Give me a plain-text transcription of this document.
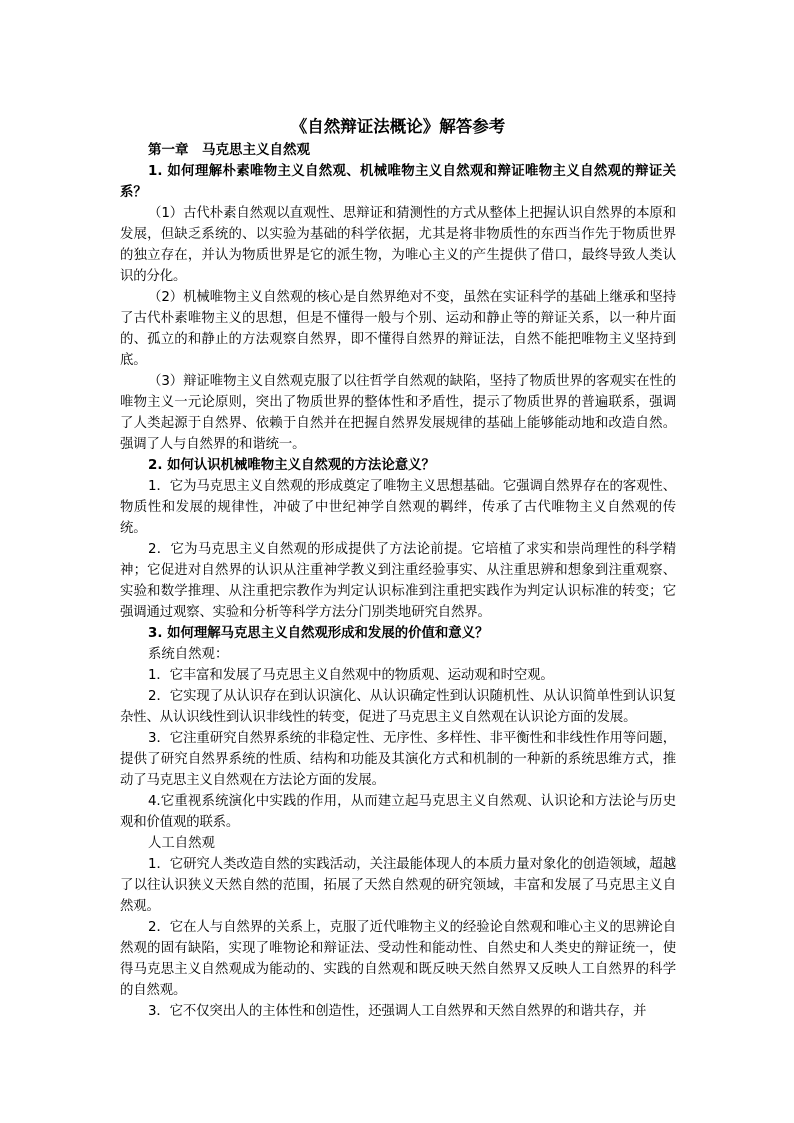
《自然辩证法概论》解答参考

第一章　马克思主义自然观

1. 如何理解朴素唯物主义自然观、机械唯物主义自然观和辩证唯物主义自然观的辩证关系？

（1）古代朴素自然观以直观性、思辩证和猜测性的方式从整体上把握认识自然界的本原和发展，但缺乏系统的、以实验为基础的科学依据，尤其是将非物质性的东西当作先于物质世界的独立存在，并认为物质世界是它的派生物，为唯心主义的产生提供了借口，最终导致人类认识的分化。

（2）机械唯物主义自然观的核心是自然界绝对不变，虽然在实证科学的基础上继承和坚持了古代朴素唯物主义的思想，但是不懂得一般与个别、运动和静止等的辩证关系，以一种片面的、孤立的和静止的方法观察自然界，即不懂得自然界的辩证法，自然不能把唯物主义坚持到底。

（3）辩证唯物主义自然观克服了以往哲学自然观的缺陷，坚持了物质世界的客观实在性的唯物主义一元论原则，突出了物质世界的整体性和矛盾性，提示了物质世界的普遍联系，强调了人类起源于自然界、依赖于自然并在把握自然界发展规律的基础上能够能动地和改造自然。强调了人与自然界的和谐统一。

2. 如何认识机械唯物主义自然观的方法论意义？

1．它为马克思主义自然观的形成奠定了唯物主义思想基础。它强调自然界存在的客观性、物质性和发展的规律性，冲破了中世纪神学自然观的羁绊，传承了古代唯物主义自然观的传统。

2．它为马克思主义自然观的形成提供了方法论前提。它培植了求实和崇尚理性的科学精神；它促进对自然界的认识从注重神学教义到注重经验事实、从注重思辨和想象到注重观察、实验和数学推理、从注重把宗教作为判定认识标准到注重把实践作为判定认识标准的转变；它强调通过观察、实验和分析等科学方法分门别类地研究自然界。

3. 如何理解马克思主义自然观形成和发展的价值和意义？

系统自然观：

1．它丰富和发展了马克思主义自然观中的物质观、运动观和时空观。

2．它实现了从认识存在到认识演化、从认识确定性到认识随机性、从认识简单性到认识复杂性、从认识线性到认识非线性的转变，促进了马克思主义自然观在认识论方面的发展。

3．它注重研究自然界系统的非稳定性、无序性、多样性、非平衡性和非线性作用等问题，提供了研究自然界系统的性质、结构和功能及其演化方式和机制的一种新的系统思维方式，推动了马克思主义自然观在方法论方面的发展。

4.它重视系统演化中实践的作用，从而建立起马克思主义自然观、认识论和方法论与历史观和价值观的联系。

人工自然观

1．它研究人类改造自然的实践活动，关注最能体现人的本质力量对象化的创造领域，超越了以往认识狭义天然自然的范围，拓展了天然自然观的研究领域，丰富和发展了马克思主义自然观。

2．它在人与自然界的关系上，克服了近代唯物主义的经验论自然观和唯心主义的思辨论自然观的固有缺陷，实现了唯物论和辩证法、受动性和能动性、自然史和人类史的辩证统一，使得马克思主义自然观成为能动的、实践的自然观和既反映天然自然界又反映人工自然界的科学的自然观。

3．它不仅突出人的主体性和创造性，还强调人工自然界和天然自然界的和谐共存，并
